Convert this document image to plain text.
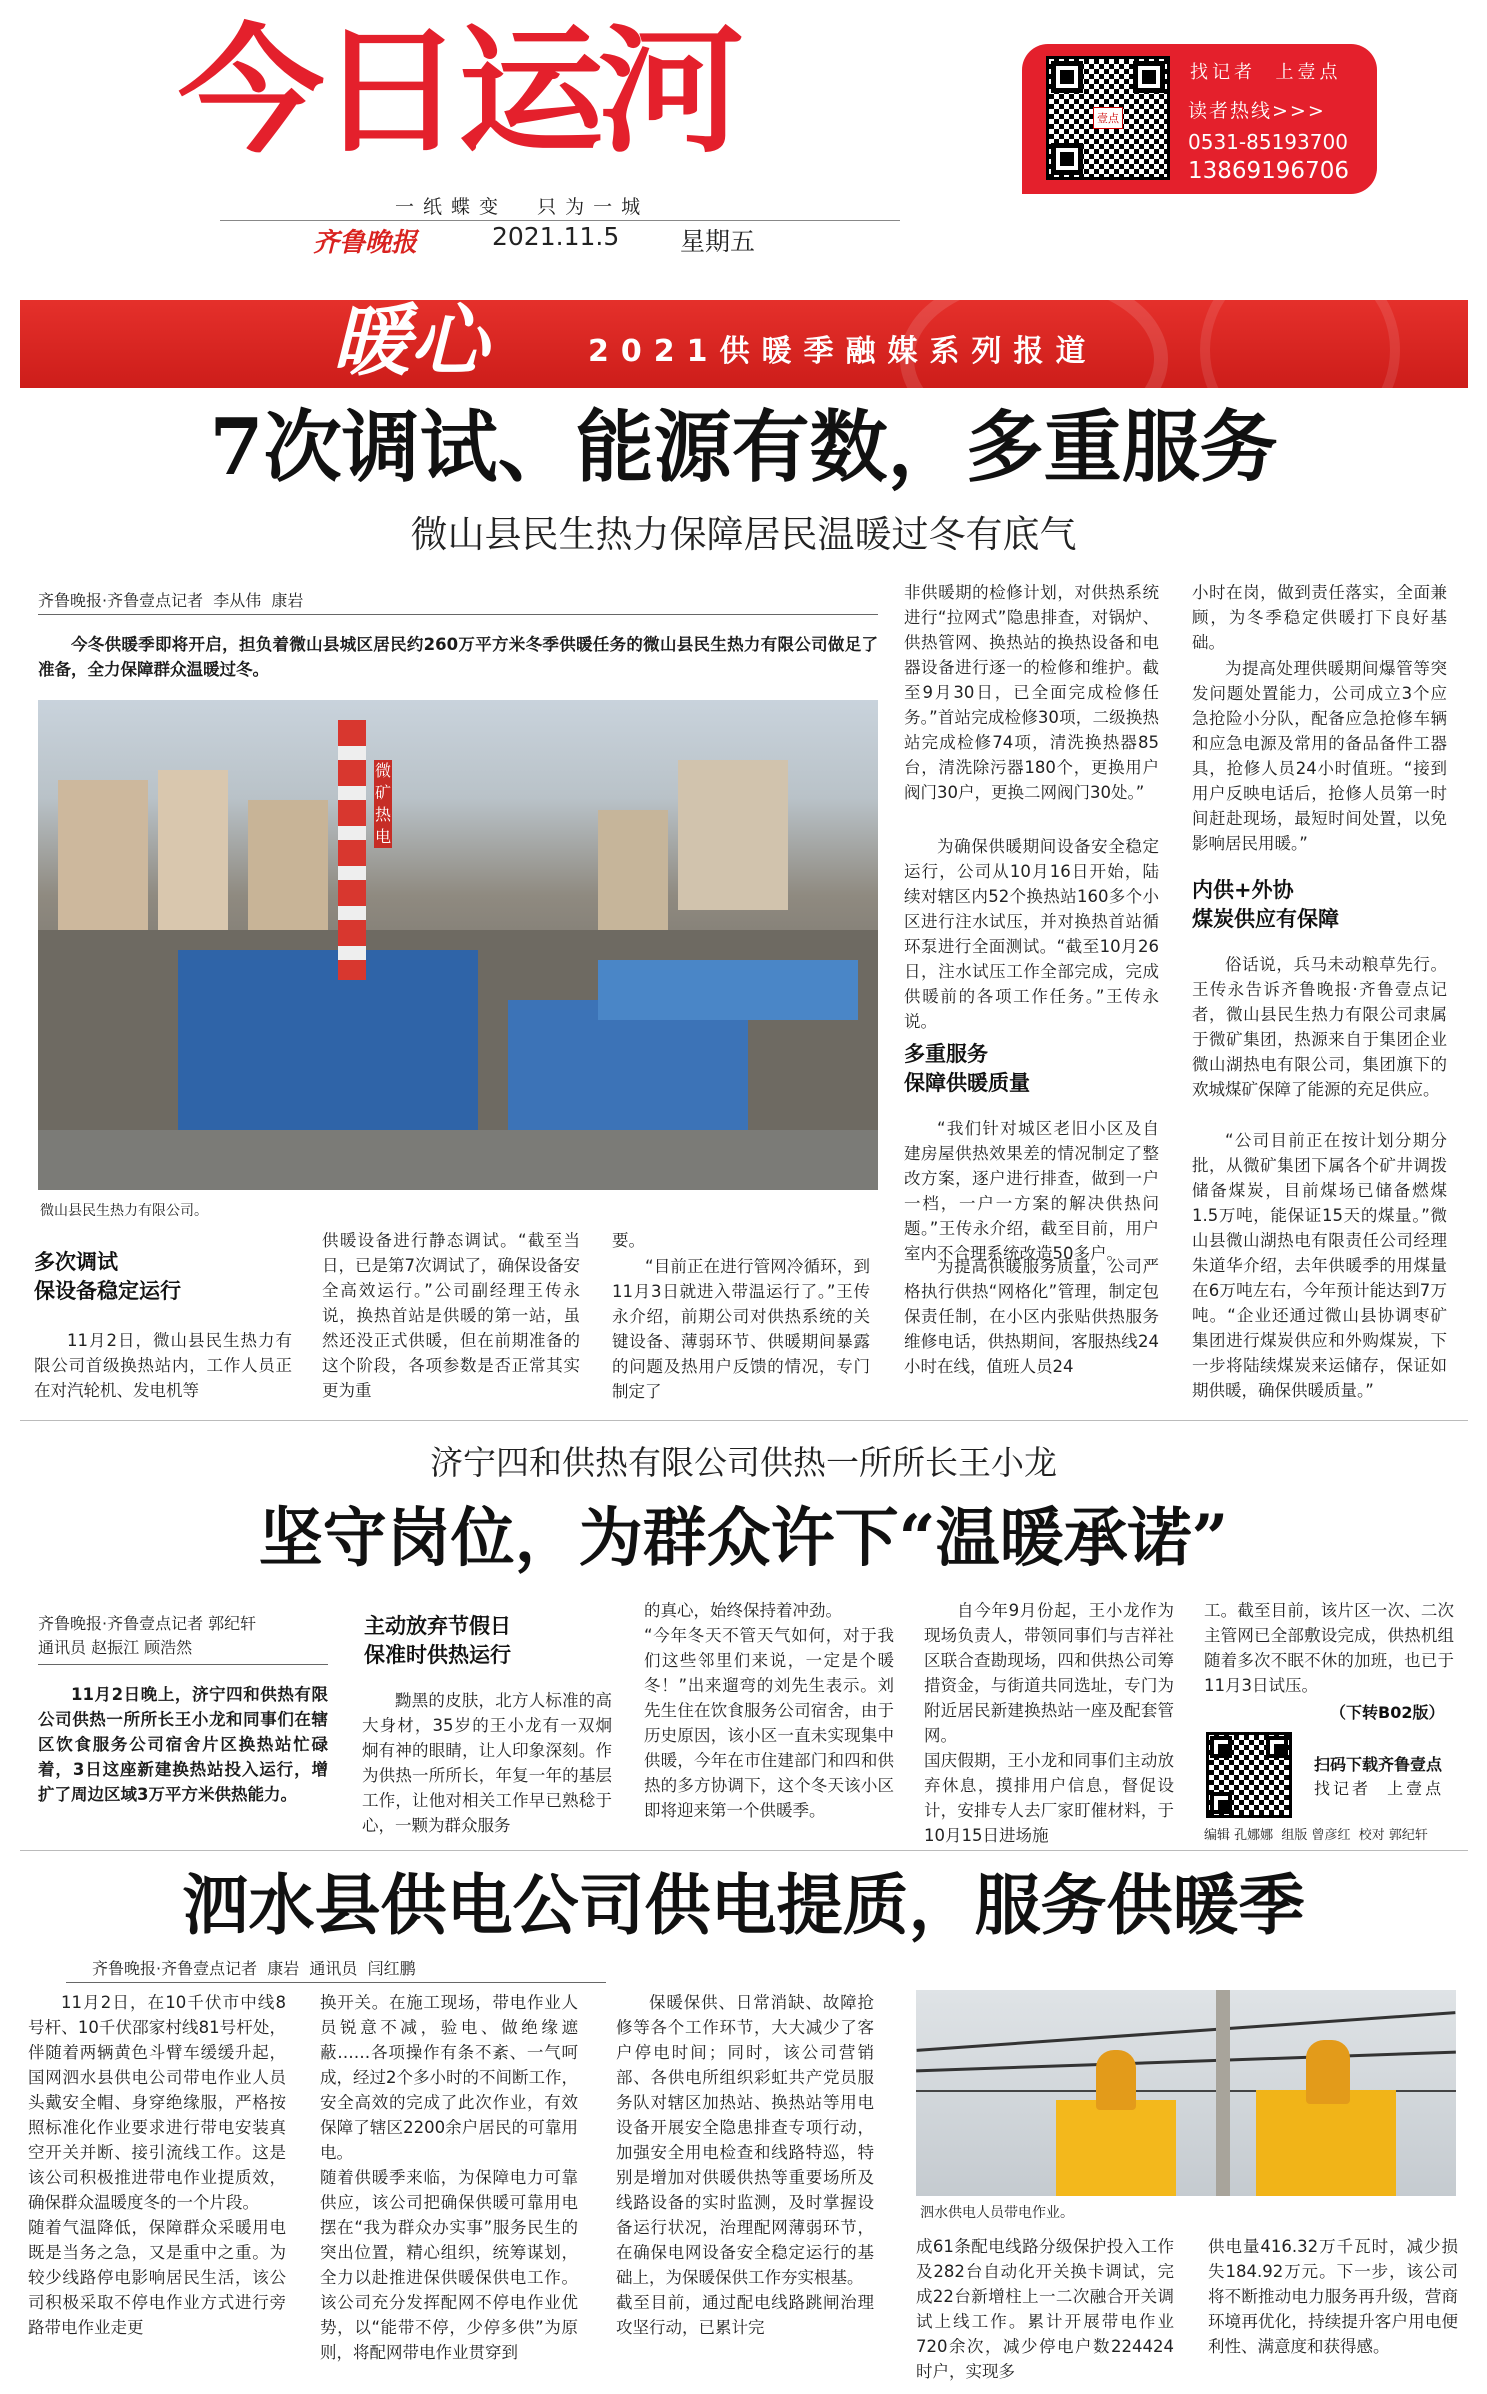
今日运河
一纸蝶变  只为一城
齐鲁晚报	2021.11.5 星期五
壹点
找记者  上壹点
读者热线>>>
0531-85193700
13869196706
暖心	2021供暖季融媒系列报道
7次调试、能源有数，多重服务
微山县民生热力保障居民温暖过冬有底气
齐鲁晚报·齐鲁壹点记者  李从伟  康岩
今冬供暖季即将开启，担负着微山县城区居民约260万平方米冬季供暖任务的微山县民生热力有限公司做足了准备，全力保障群众温暖过冬。
微矿热电
微山县民生热力有限公司。
多次调试
保设备稳定运行
11月2日，微山县民生热力有限公司首级换热站内，工作人员正在对汽轮机、发电机等
供暖设备进行静态调试。“截至当日，已是第7次调试了，确保设备安全高效运行。”公司副经理王传永说，换热首站是供暖的第一站，虽然还没正式供暖，但在前期准备的这个阶段，各项参数是否正常其实更为重
要。
“目前正在进行管网冷循环，到11月3日就进入带温运行了。”王传永介绍，前期公司对供热系统的关键设备、薄弱环节、供暖期间暴露的问题及热用户反馈的情况，专门制定了
非供暖期的检修计划，对供热系统进行“拉网式”隐患排查，对锅炉、供热管网、换热站的换热设备和电器设备进行逐一的检修和维护。截至9月30日，已全面完成检修任务。”首站完成检修30项，二级换热站完成检修74项，清洗换热器85台，清洗除污器180个，更换用户阀门30户，更换二网阀门30处。”
为确保供暖期间设备安全稳定运行，公司从10月16日开始，陆续对辖区内52个换热站160多个小区进行注水试压，并对换热首站循环泵进行全面测试。“截至10月26日，注水试压工作全部完成，完成供暖前的各项工作任务。”王传永说。
多重服务
保障供暖质量
“我们针对城区老旧小区及自建房屋供热效果差的情况制定了整改方案，逐户进行排查，做到一户一档，一户一方案的解决供热问题。”王传永介绍，截至目前，用户室内不合理系统改造50多户。
为提高供暖服务质量，公司严格执行供热“网格化”管理，制定包保责任制，在小区内张贴供热服务维修电话，供热期间，客服热线24小时在线，值班人员24
小时在岗，做到责任落实，全面兼顾，为冬季稳定供暖打下良好基础。
为提高处理供暖期间爆管等突发问题处置能力，公司成立3个应急抢险小分队，配备应急抢修车辆和应急电源及常用的备品备件工器具，抢修人员24小时值班。“接到用户反映电话后，抢修人员第一时间赶赴现场，最短时间处置，以免影响居民用暖。”
内供+外协
煤炭供应有保障
俗话说，兵马未动粮草先行。王传永告诉齐鲁晚报·齐鲁壹点记者，微山县民生热力有限公司隶属于微矿集团，热源来自于集团企业微山湖热电有限公司，集团旗下的欢城煤矿保障了能源的充足供应。
“公司目前正在按计划分期分批，从微矿集团下属各个矿井调拨储备煤炭，目前煤场已储备燃煤1.5万吨，能保证15天的煤量。”微山县微山湖热电有限责任公司经理朱道华介绍，去年供暖季的用煤量在6万吨左右，今年预计能达到7万吨。“企业还通过微山县协调枣矿集团进行煤炭供应和外购煤炭，下一步将陆续煤炭来运储存，保证如期供暖，确保供暖质量。”
济宁四和供热有限公司供热一所所长王小龙
坚守岗位，为群众许下“温暖承诺”
齐鲁晚报·齐鲁壹点记者 郭纪轩
通讯员 赵振江 顾浩然
11月2日晚上，济宁四和供热有限公司供热一所所长王小龙和同事们在辖区饮食服务公司宿舍片区换热站忙碌着，3日这座新建换热站投入运行，增扩了周边区域3万平方米供热能力。
主动放弃节假日
保准时供热运行
黝黑的皮肤，北方人标准的高大身材，35岁的王小龙有一双炯炯有神的眼睛，让人印象深刻。作为供热一所所长，年复一年的基层工作，让他对相关工作早已熟稔于心，一颗为群众服务
的真心，始终保持着冲劲。
“今年冬天不管天气如何，对于我们这些邻里们来说，一定是个暖冬！”出来遛弯的刘先生表示。刘先生住在饮食服务公司宿舍，由于历史原因，该小区一直未实现集中供暖，今年在市住建部门和四和供热的多方协调下，这个冬天该小区即将迎来第一个供暖季。
自今年9月份起，王小龙作为现场负责人，带领同事们与吉祥社区联合查勘现场，四和供热公司筹措资金，与街道共同选址，专门为附近居民新建换热站一座及配套管网。
国庆假期，王小龙和同事们主动放弃休息，摸排用户信息，督促设计，安排专人去厂家盯催材料，于10月15日进场施
工。截至目前，该片区一次、二次主管网已全部敷设完成，供热机组随着多次不眠不休的加班，也已于11月3日试压。
（下转B02版）
扫码下载齐鲁壹点
找记者  上壹点
编辑 孔娜娜  组版 曾彦红  校对 郭纪轩
泗水县供电公司供电提质，服务供暖季
齐鲁晚报·齐鲁壹点记者  康岩  通讯员  闫红鹏
11月2日，在10千伏市中线8号杆、10千伏邵家村线81号杆处，伴随着两辆黄色斗臂车缓缓升起，国网泗水县供电公司带电作业人员头戴安全帽、身穿绝缘服，严格按照标准化作业要求进行带电安装真空开关并断、接引流线工作。这是该公司积极推进带电作业提质效，确保群众温暖度冬的一个片段。
随着气温降低，保障群众采暖用电既是当务之急，又是重中之重。为较少线路停电影响居民生活，该公司积极采取不停电作业方式进行旁路带电作业走更
换开关。在施工现场，带电作业人员锐意不减，验电、做绝缘遮蔽……各项操作有条不紊、一气呵成，经过2个多小时的不间断工作，安全高效的完成了此次作业，有效保障了辖区2200余户居民的可靠用电。
随着供暖季来临，为保障电力可靠供应，该公司把确保供暖可靠用电摆在“我为群众办实事”服务民生的突出位置，精心组织，统筹谋划，全力以赴推进保供暖保供电工作。该公司充分发挥配网不停电作业优势，以“能带不停，少停多供”为原则，将配网带电作业贯穿到
保暖保供、日常消缺、故障抢修等各个工作环节，大大减少了客户停电时间；同时，该公司营销部、各供电所组织彩虹共产党员服务队对辖区加热站、换热站等用电设备开展安全隐患排查专项行动，加强安全用电检查和线路特巡，特别是增加对供暖供热等重要场所及线路设备的实时监测，及时掌握设备运行状况，治理配网薄弱环节，在确保电网设备安全稳定运行的基础上，为保暖保供工作夯实根基。
截至目前，通过配电线路跳闸治理攻坚行动，已累计完
泗水供电人员带电作业。
成61条配电线路分级保护投入工作及282台自动化开关换卡调试，完成22台新增柱上一二次融合开关调试上线工作。累计开展带电作业720余次，减少停电户数224424时户，实现多
供电量416.32万千瓦时，减少损失184.92万元。下一步，该公司将不断推动电力服务再升级，营商环境再优化，持续提升客户用电便利性、满意度和获得感。
